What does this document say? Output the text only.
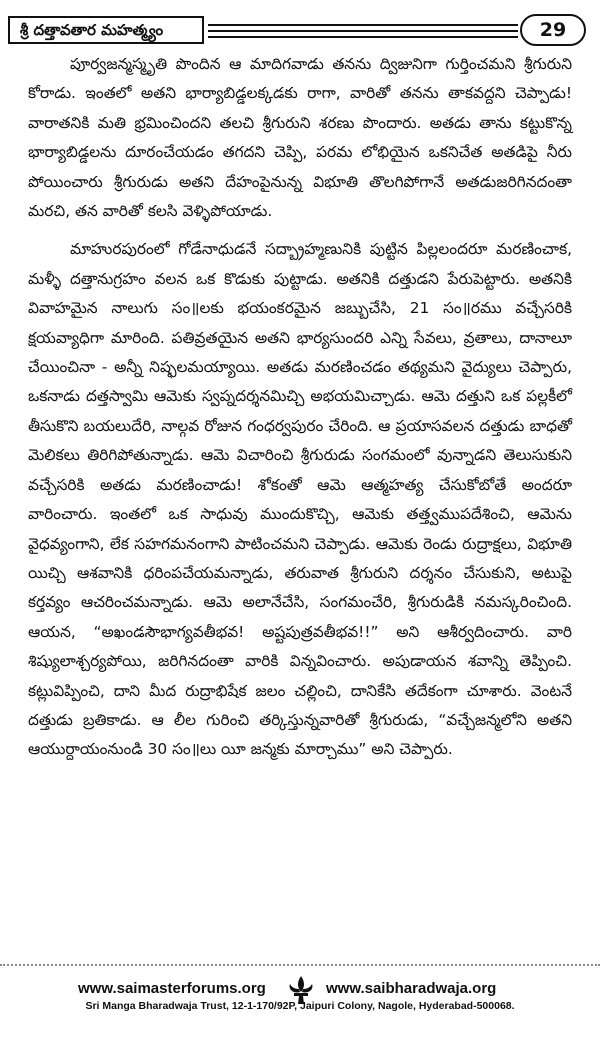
శ్రీ దత్తావతార మహత్మ్యం	29

పూర్వజన్మస్మృతి పొందిన ఆ మాదిగవాడు తనను ద్విజునిగా గుర్తించమని శ్రీగురుని కోరాడు. ఇంతలో అతని భార్యాబిడ్డలక్కడకు రాగా, వారితో తనను తాకవద్దని చెప్పాడు! వారాతనికి మతి భ్రమించిందని తలచి శ్రీగురుని శరణు పొందారు. అతడు తాను కట్టుకొన్న భార్యాబిడ్డలను దూరంచేయడం తగదని చెప్పి, పరమ లోభియైన ఒకనిచేత అతడిపై నీరు పోయించారు శ్రీగురుడు అతని దేహంపైనున్న విభూతి తొలగిపోగానే అతడుజరిగినదంతా మరచి, తన వారితో కలసి వెళ్ళిపోయాడు.

మాహురపురంలో గోడేనాధుడనే సద్బ్రాహ్మణునికి పుట్టిన పిల్లలందరూ మరణించాక, మళ్ళీ దత్తానుగ్రహం వలన ఒక కొడుకు పుట్టాడు. అతనికి దత్తుడని పేరుపెట్టారు. అతనికి వివాహమైన నాలుగు సం॥లకు భయంకరమైన జబ్బుచేసి, 21 సం॥రము వచ్చేసరికి క్షయవ్యాధిగా మారింది. పతివ్రతయైన అతని భార్యసుందరి ఎన్ని సేవలు, వ్రతాలు, దానాలూ చేయించినా - అన్నీ నిష్ఫలమయ్యాయి. అతడు మరణించడం తథ్యమని వైద్యులు చెప్పారు, ఒకనాడు దత్తస్వామి ఆమెకు స్వప్నదర్శనమిచ్చి అభయమిచ్చాడు. ఆమె దత్తుని ఒక పల్లకీలో తీసుకొని బయలుదేరి, నాల్గవ రోజున గంధర్వపురం చేరింది. ఆ ప్రయాసవలన దత్తుడు బాధతో మెలికలు తిరిగిపోతున్నాడు. ఆమె విచారించి శ్రీగురుడు సంగమంలో వున్నాడని తెలుసుకుని వచ్చేసరికి అతడు మరణించాడు! శోకంతో ఆమె ఆత్మహత్య చేసుకోబోతే అందరూ వారించారు. ఇంతలో ఒక సాధువు ముందుకొచ్చి, ఆమెకు తత్త్వముపదేశించి, ఆమెను వైధవ్యంగాని, లేక సహగమనంగాని పాటించమని చెప్పాడు. ఆమెకు రెండు రుద్రాక్షలు, విభూతి యిచ్చి ఆశవానికి ధరింపచేయమన్నాడు, తరువాత శ్రీగురుని దర్శనం చేసుకుని, అటుపై కర్తవ్యం ఆచరించమన్నాడు. ఆమె అలానేచేసి, సంగమంచేరి, శ్రీగురుడికి నమస్కరించింది. ఆయన, “అఖండసౌభాగ్యవతీభవ! అష్టపుత్రవతీభవ!!” అని ఆశీర్వదించారు. వారి శిష్యులాశ్చర్యపోయి, జరిగినదంతా వారికి విన్నవించారు. అపుడాయన శవాన్ని తెప్పించి. కట్లువిప్పించి, దాని మీద రుద్రాభిషేక జలం చల్లించి, దానికేసి తదేకంగా చూశారు. వెంటనే దత్తుడు బ్రతికాడు. ఆ లీల గురించి తర్కిస్తున్నవారితో శ్రీగురుడు, “వచ్చేజన్మలోని అతని ఆయుర్దాయంనుండి 30 సం॥లు యీ జన్మకు మార్చాము” అని చెప్పారు.

www.saimasterforums.org	www.saibharadwaja.org
Sri Manga Bharadwaja Trust, 12-1-170/92P, Jaipuri Colony, Nagole, Hyderabad-500068.
